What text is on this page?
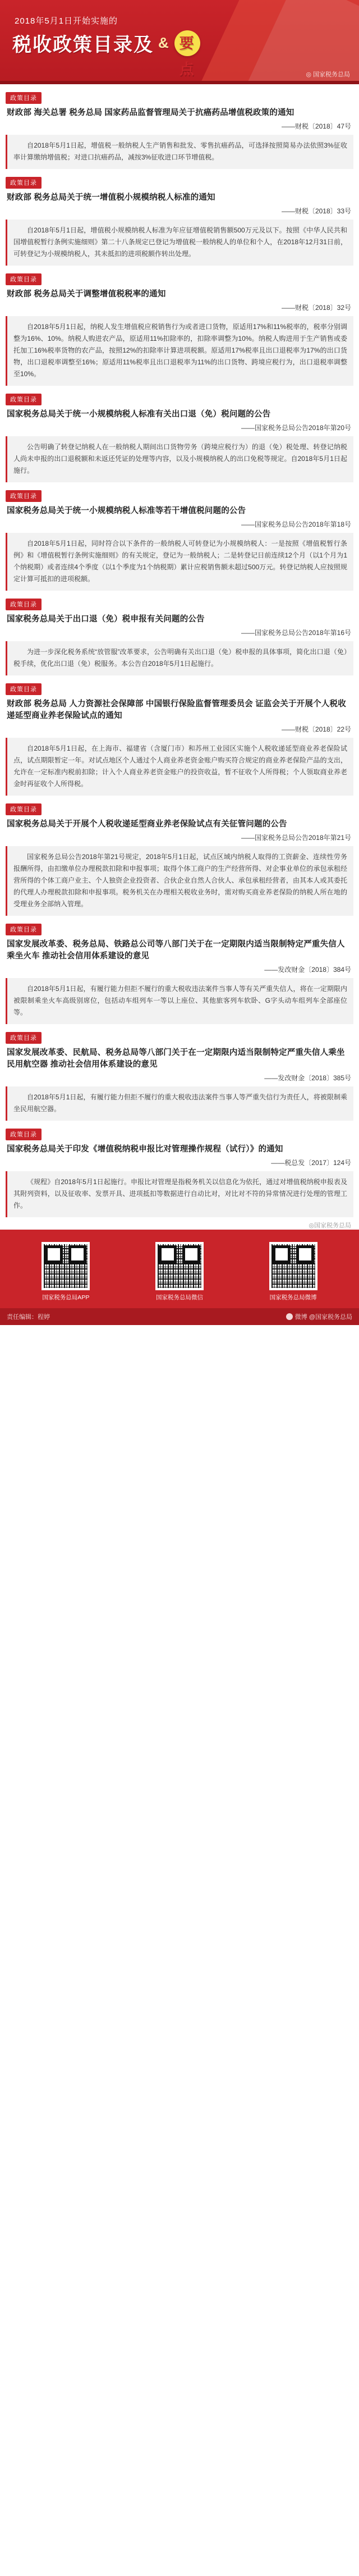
2018年5月1日开始实施的
税收政策目录及 & 要点	◎ 国家税务总局
政策目录
财政部 海关总署 税务总局 国家药品监督管理局关于抗癌药品增值税政策的通知
——财税〔2018〕47号

自2018年5月1日起，增值税一般纳税人生产销售和批发、零售抗癌药品，可选择按照简易办法依照3%征收率计算缴纳增值税；对进口抗癌药品，减按3%征收进口环节增值税。

政策目录
财政部 税务总局关于统一增值税小规模纳税人标准的通知
——财税〔2018〕33号

自2018年5月1日起，增值税小规模纳税人标准为年应征增值税销售额500万元及以下。按照《中华人民共和国增值税暂行条例实施细则》第二十八条规定已登记为增值税一般纳税人的单位和个人，在2018年12月31日前，可转登记为小规模纳税人，其未抵扣的进项税额作转出处理。

政策目录
财政部 税务总局关于调整增值税税率的通知
——财税〔2018〕32号

自2018年5月1日起，纳税人发生增值税应税销售行为或者进口货物，原适用17%和11%税率的，税率分别调整为16%、10%。纳税人购进农产品，原适用11%扣除率的，扣除率调整为10%。纳税人购进用于生产销售或委托加工16%税率货物的农产品，按照12%的扣除率计算进项税额。原适用17%税率且出口退税率为17%的出口货物，出口退税率调整至16%；原适用11%税率且出口退税率为11%的出口货物、跨境应税行为，出口退税率调整至10%。

政策目录
国家税务总局关于统一小规模纳税人标准有关出口退（免）税问题的公告
——国家税务总局公告2018年第20号

公告明确了转登记纳税人在一般纳税人期间出口货物劳务（跨境应税行为）的退（免）税处理、转登记纳税人尚未申报的出口退税额和未返还凭证的处理等内容，以及小规模纳税人的出口免税等规定。自2018年5月1日起施行。

政策目录
国家税务总局关于统一小规模纳税人标准等若干增值税问题的公告
——国家税务总局公告2018年第18号

自2018年5月1日起，同时符合以下条件的一般纳税人可转登记为小规模纳税人：一是按照《增值税暂行条例》和《增值税暂行条例实施细则》的有关规定，登记为一般纳税人；二是转登记日前连续12个月（以1个月为1个纳税期）或者连续4个季度（以1个季度为1个纳税期）累计应税销售额未超过500万元。转登记纳税人应按照规定计算可抵扣的进项税额。

政策目录
国家税务总局关于出口退（免）税申报有关问题的公告
——国家税务总局公告2018年第16号

为进一步深化税务系统“放管服”改革要求，公告明确有关出口退（免）税申报的具体事项，简化出口退（免）税手续，优化出口退（免）税服务。本公告自2018年5月1日起施行。

政策目录
财政部 税务总局 人力资源社会保障部 中国银行保险监督管理委员会 证监会关于开展个人税收递延型商业养老保险试点的通知
——财税〔2018〕22号

自2018年5月1日起，在上海市、福建省（含厦门市）和苏州工业园区实施个人税收递延型商业养老保险试点，试点期限暂定一年。对试点地区个人通过个人商业养老资金账户购买符合规定的商业养老保险产品的支出，允许在一定标准内税前扣除；计入个人商业养老资金账户的投资收益，暂不征收个人所得税；个人领取商业养老金时再征收个人所得税。

政策目录
国家税务总局关于开展个人税收递延型商业养老保险试点有关征管问题的公告
——国家税务总局公告2018年第21号

国家税务总局公告2018年第21号规定，2018年5月1日起，试点区域内纳税人取得的工资薪金、连续性劳务报酬所得，由扣缴单位办理税款扣除和申报事项；取得个体工商户的生产经营所得、对企事业单位的承包承租经营所得的个体工商户业主、个人独资企业投资者、合伙企业自然人合伙人、承包承租经营者，由其本人或其委托的代理人办理税款扣除和申报事项。税务机关在办理相关税收业务时，需对购买商业养老保险的纳税人所在地的受理业务全部纳入管理。

政策目录
国家发展改革委、税务总局、铁路总公司等八部门关于在一定期限内适当限制特定严重失信人乘坐火车 推动社会信用体系建设的意见
——发改财金〔2018〕384号

自2018年5月1日起，有履行能力但拒不履行的重大税收违法案件当事人等有关严重失信人，将在一定期限内被限制乘坐火车高级别席位，包括动车组列车一等以上座位、其他旅客列车软卧、G字头动车组列车全部座位等。

政策目录
国家发展改革委、民航局、税务总局等八部门关于在一定期限内适当限制特定严重失信人乘坐民用航空器 推动社会信用体系建设的意见
——发改财金〔2018〕385号

自2018年5月1日起，有履行能力但拒不履行的重大税收违法案件当事人等严重失信行为责任人，将被限制乘坐民用航空器。

政策目录
国家税务总局关于印发《增值税纳税申报比对管理操作规程（试行）》的通知
——税总发〔2017〕124号

《规程》自2018年5月1日起施行。申报比对管理是指税务机关以信息化为依托，通过对增值税纳税申报表及其附列资料，以及征收率、发票开具、进项抵扣等数据进行自动比对，对比对不符的异常情况进行处理的管理工作。

◎国家税务总局
国家税务总局APP	国家税务总局微信	国家税务总局微博
责任编辑：程婷	微博 @国家税务总局
